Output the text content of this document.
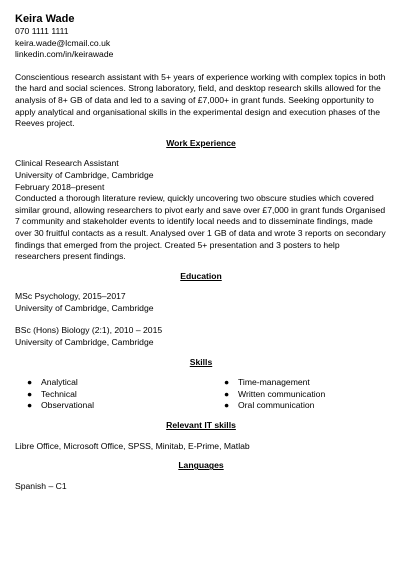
Keira Wade
070 1111 1111
keira.wade@lcmail.co.uk
linkedin.com/in/keirawade

Conscientious research assistant with 5+ years of experience working with complex topics in both the hard and social sciences. Strong laboratory, field, and desktop research skills allowed for the analysis of 8+ GB of data and led to a saving of £7,000+ in grant funds. Seeking opportunity to apply analytical and organisational skills in the experimental design and execution phases of the Reeves project.

Work Experience
Clinical Research Assistant
University of Cambridge, Cambridge
February 2018–present

Conducted a thorough literature review, quickly uncovering two obscure studies which covered similar ground, allowing researchers to pivot early and save over £7,000 in grant funds Organised 7 community and stakeholder events to identify local needs and to disseminate findings, made over 30 fruitful contacts as a result. Analysed over 1 GB of data and wrote 3 reports on secondary findings that emerged from the project. Created 5+ presentation and 3 posters to help researchers present findings.

Education
MSc Psychology, 2015–2017
University of Cambridge, Cambridge
BSc (Hons) Biology (2:1), 2010 – 2015
University of Cambridge, Cambridge
Skills
● Analytical
● Technical
● Observational
● Time-management
● Written communication
● Oral communication
Relevant IT skills

Libre Office, Microsoft Office, SPSS, Minitab, E-Prime, Matlab

Languages

Spanish – C1
